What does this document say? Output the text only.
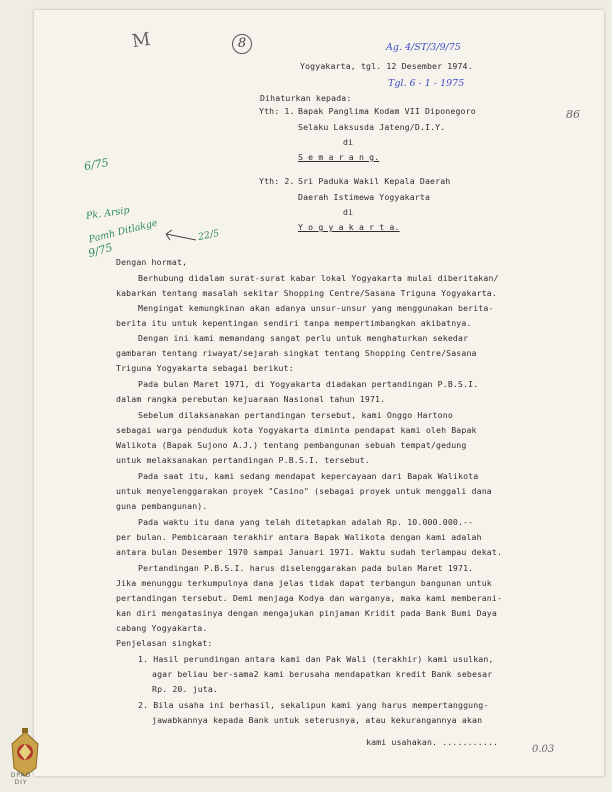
8
M
Yogyakarta, tgl. 12 Desember 1974.
Ag. 4/ST/3/9/75
Tgl. 6 - 1 - 1975
86
Dihaturkan kepada:
Yth: 1. Bapak Panglima Kodam VII Diponegoro
Selaku Laksusda Jateng/D.I.Y.
di
S e m a r a n g.
Yth: 2. Sri Paduka Wakil Kepala Daerah
Daerah Istimewa Yogyakarta
di
Y o g y a k a r t a.
6/75
Pk. Arsip
Pamh Ditlakge	22/5
9/75
Dengan hormat,
Berhubung didalam surat-surat kabar lokal Yogyakarta mulai diberitakan/
kabarkan tentang masalah sekitar Shopping Centre/Sasana Triguna Yogyakarta.
Mengingat kemungkinan akan adanya unsur-unsur yang menggunakan berita-
berita itu untuk kepentingan sendiri tanpa mempertimbangkan akibatnya.
Dengan ini kami memandang sangat perlu untuk menghaturkan sekedar
gambaran tentang riwayat/sejarah singkat tentang Shopping Centre/Sasana
Triguna Yogyakarta sebagai berikut:
Pada bulan Maret 1971, di Yogyakarta diadakan pertandingan P.B.S.I.
dalam rangka perebutan kejuaraan Nasional tahun 1971.
Sebelum dilaksanakan pertandingan tersebut, kami Onggo Hartono
sebagai warga penduduk kota Yogyakarta diminta pendapat kami oleh Bapak
Walikota (Bapak Sujono A.J.) tentang pembangunan sebuah tempat/gedung
untuk melaksanakan pertandingan P.B.S.I. tersebut.
Pada saat itu, kami sedang mendapat kepercayaan dari Bapak Walikota
untuk menyelenggarakan proyek "Casino" (sebagai proyek untuk menggali dana
guna pembangunan).
Pada waktu itu dana yang telah ditetapkan adalah Rp. 10.000.000.--
per bulan. Pembicaraan terakhir antara Bapak Walikota dengan kami adalah
antara bulan Desember 1970 sampai Januari 1971. Waktu sudah terlampau dekat.
Pertandingan P.B.S.I. harus diselenggarakan pada bulan Maret 1971.
Jika menunggu terkumpulnya dana jelas tidak dapat terbangun bangunan untuk
pertandingan tersebut. Demi menjaga Kodya dan warganya, maka kami memberani-
kan diri mengatasinya dengan mengajukan pinjaman Kridit pada Bank Bumi Daya
cabang Yogyakarta.
Penjelasan singkat:
1. Hasil perundingan antara kami dan Pak Wali (terakhir) kami usulkan,
agar beliau ber-sama2 kami berusaha mendapatkan kredit Bank sebesar
Rp. 20. juta.
2. Bila usaha ini berhasil, sekalipun kami yang harus mempertanggung-
jawabkannya kepada Bank untuk seterusnya, atau kekurangannya akan
kami usahakan. ...........
0.03
DPAD
DIY
